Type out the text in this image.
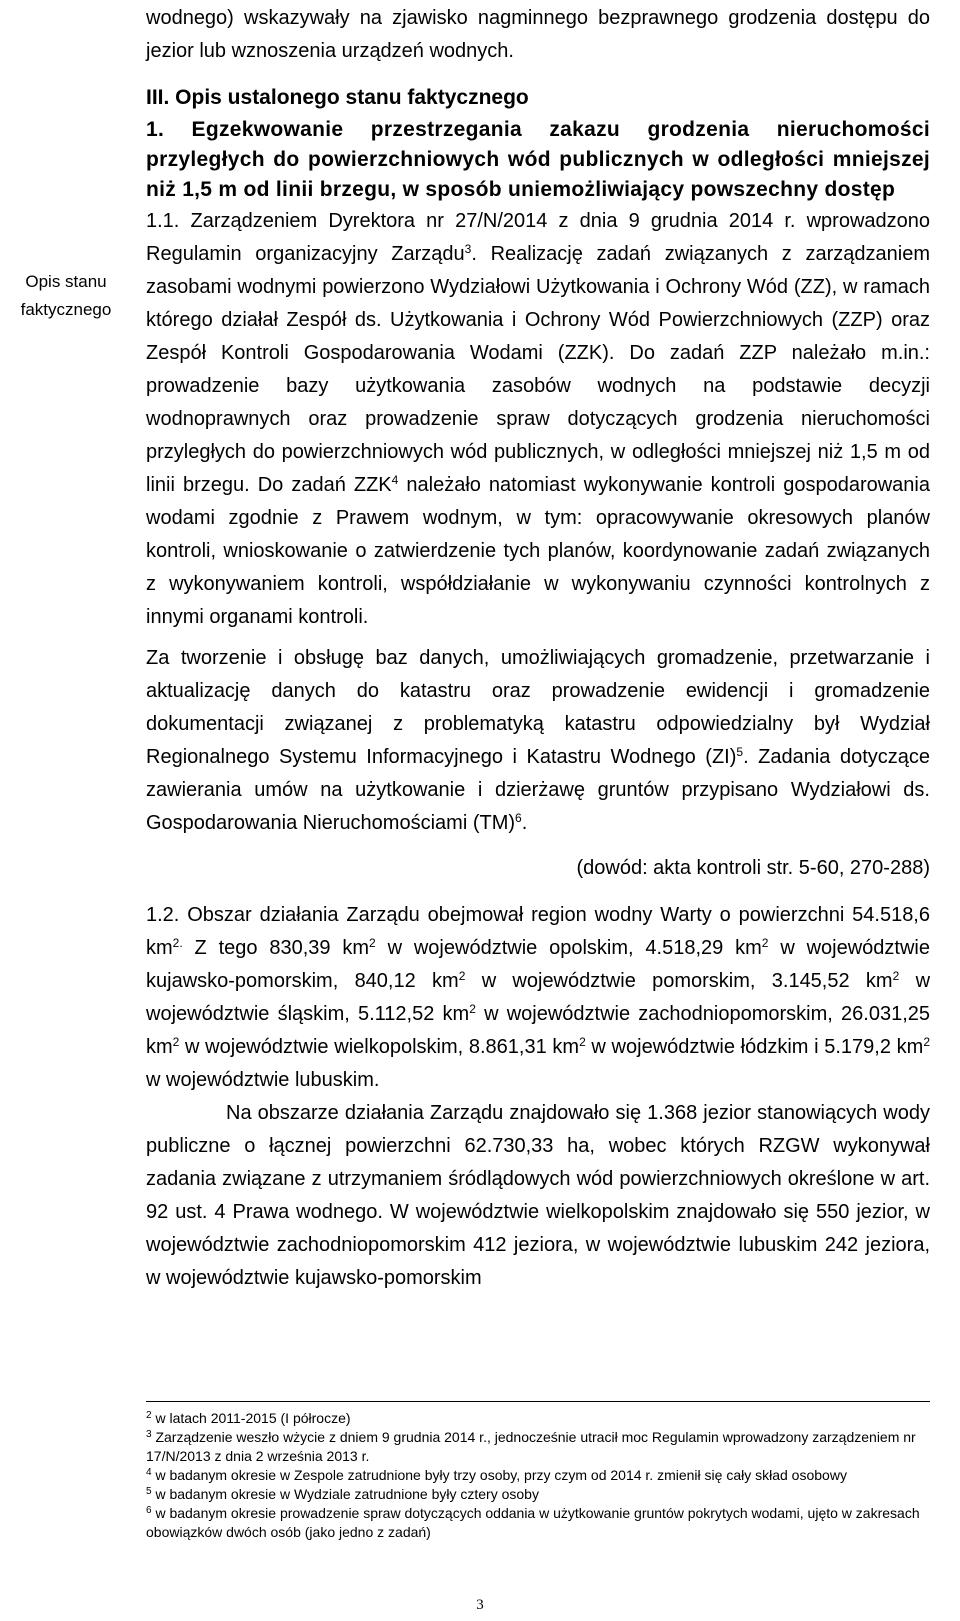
Opis stanu
faktycznego

wodnego) wskazywały na zjawisko nagminnego bezprawnego grodzenia dostępu do jezior lub wznoszenia urządzeń wodnych.

III. Opis ustalonego stanu faktycznego
1. Egzekwowanie przestrzegania zakazu grodzenia nieruchomości przyległych do powierzchniowych wód publicznych w odległości mniejszej niż 1,5 m od linii brzegu, w sposób uniemożliwiający powszechny dostęp

1.1. Zarządzeniem Dyrektora nr 27/N/2014 z dnia 9 grudnia 2014 r. wprowadzono Regulamin organizacyjny Zarządu$^3$. Realizację zadań związanych z zarządzaniem zasobami wodnymi powierzono Wydziałowi Użytkowania i Ochrony Wód (ZZ), w ramach którego działał Zespół ds. Użytkowania i Ochrony Wód Powierzchniowych (ZZP) oraz Zespół Kontroli Gospodarowania Wodami (ZZK). Do zadań ZZP należało m.in.: prowadzenie bazy użytkowania zasobów wodnych na podstawie decyzji wodnoprawnych oraz prowadzenie spraw dotyczących grodzenia nieruchomości przyległych do powierzchniowych wód publicznych, w odległości mniejszej niż 1,5 m od linii brzegu. Do zadań ZZK$^4$ należało natomiast wykonywanie kontroli gospodarowania wodami zgodnie z Prawem wodnym, w tym: opracowywanie okresowych planów kontroli, wnioskowanie o zatwierdzenie tych planów, koordynowanie zadań związanych z wykonywaniem kontroli, współdziałanie w wykonywaniu czynności kontrolnych z innymi organami kontroli.

Za tworzenie i obsługę baz danych, umożliwiających gromadzenie, przetwarzanie i aktualizację danych do katastru oraz prowadzenie ewidencji i gromadzenie dokumentacji związanej z problematyką katastru odpowiedzialny był Wydział Regionalnego Systemu Informacyjnego i Katastru Wodnego (ZI)$^5$. Zadania dotyczące zawierania umów na użytkowanie i dzierżawę gruntów przypisano Wydziałowi ds. Gospodarowania Nieruchomościami (TM)$^6$.

(dowód: akta kontroli str. 5-60, 270-288)

1.2. Obszar działania Zarządu obejmował region wodny Warty o powierzchni 54.518,6 $km^{2.}$ Z tego 830,39 $km^2$ w województwie opolskim, 4.518,29 $km^2$ w województwie kujawsko-pomorskim, 840,12 $km^2$ w województwie pomorskim, 3.145,52 $km^2$ w województwie śląskim, 5.112,52 $km^2$ w województwie zachodniopomorskim, 26.031,25 $km^2$ w województwie wielkopolskim, 8.861,31 $km^2$ w województwie łódzkim i 5.179,2 $km^2$ w województwie lubuskim.

Na obszarze działania Zarządu znajdowało się 1.368 jezior stanowiących wody publiczne o łącznej powierzchni 62.730,33 ha, wobec których RZGW wykonywał zadania związane z utrzymaniem śródlądowych wód powierzchniowych określone w art. 92 ust. 4 Prawa wodnego. W województwie wielkopolskim znajdowało się 550 jezior, w województwie zachodniopomorskim 412 jeziora, w województwie lubuskim 242 jeziora, w województwie kujawsko-pomorskim

$^2$ w latach 2011-2015 (I półrocze)

$^3$ Zarządzenie weszło wżycie z dniem 9 grudnia 2014 r., jednocześnie utracił moc Regulamin wprowadzony zarządzeniem nr 17/N/2013 z dnia 2 września 2013 r.

$^4$ w badanym okresie w Zespole zatrudnione były trzy osoby, przy czym od 2014 r. zmienił się cały skład osobowy

$^5$ w badanym okresie w Wydziale zatrudnione były cztery osoby

$^6$ w badanym okresie prowadzenie spraw dotyczących oddania w użytkowanie gruntów pokrytych wodami, ujęto w zakresach obowiązków dwóch osób (jako jedno z zadań)

3
